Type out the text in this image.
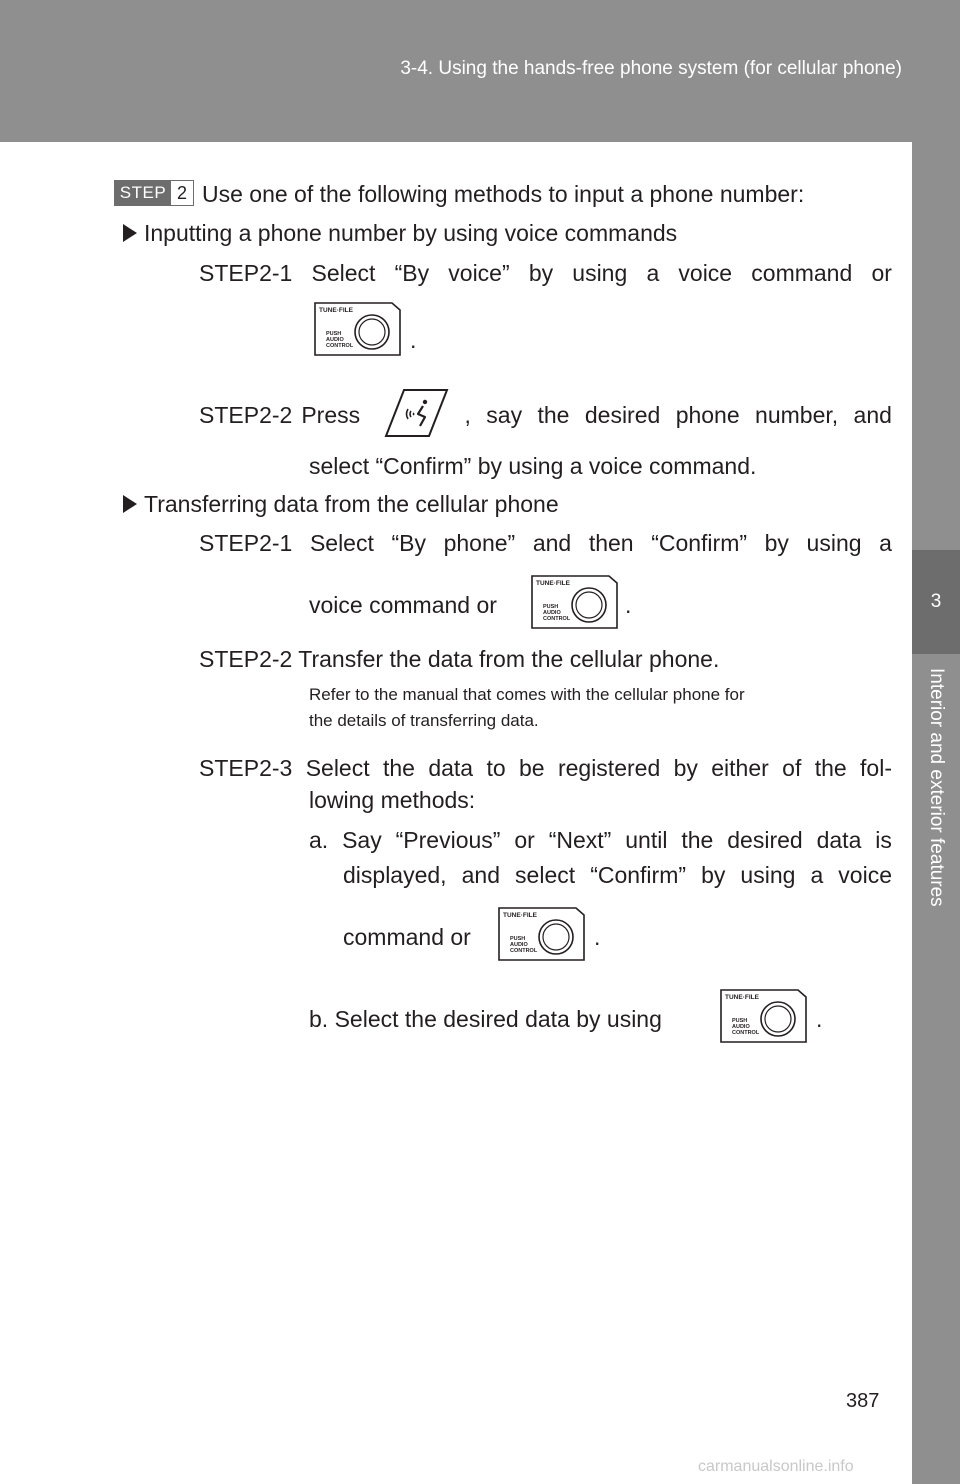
3-4. Using the hands-free phone system (for cellular phone)
3
Interior and exterior features
STEP 2 Use one of the following methods to input a phone number:
Inputting a phone number by using voice commands
STEP2-1 Select “By voice” by using a voice command or
TUNE·FILE
PUSH
AUDIO
CONTROL .
STEP2-2 Press	, say the desired phone number, and
select “Confirm” by using a voice command.
Transferring data from the cellular phone
STEP2-1 Select “By phone” and then “Confirm” by using a
voice command or
TUNE·FILE
PUSH
AUDIO
CONTROL
.
STEP2-2 Transfer the data from the cellular phone.
Refer to the manual that comes with the cellular phone for
the details of transferring data.
STEP2-3 Select the data to be registered by either of the fol-
lowing methods:
a. Say “Previous” or “Next” until the desired data is
displayed, and select “Confirm” by using a voice
command or
TUNE·FILE
PUSH
AUDIO
CONTROL
.
b. Select the desired data by using
TUNE·FILE
PUSH
AUDIO
CONTROL
.
387
carmanualsonline.info
